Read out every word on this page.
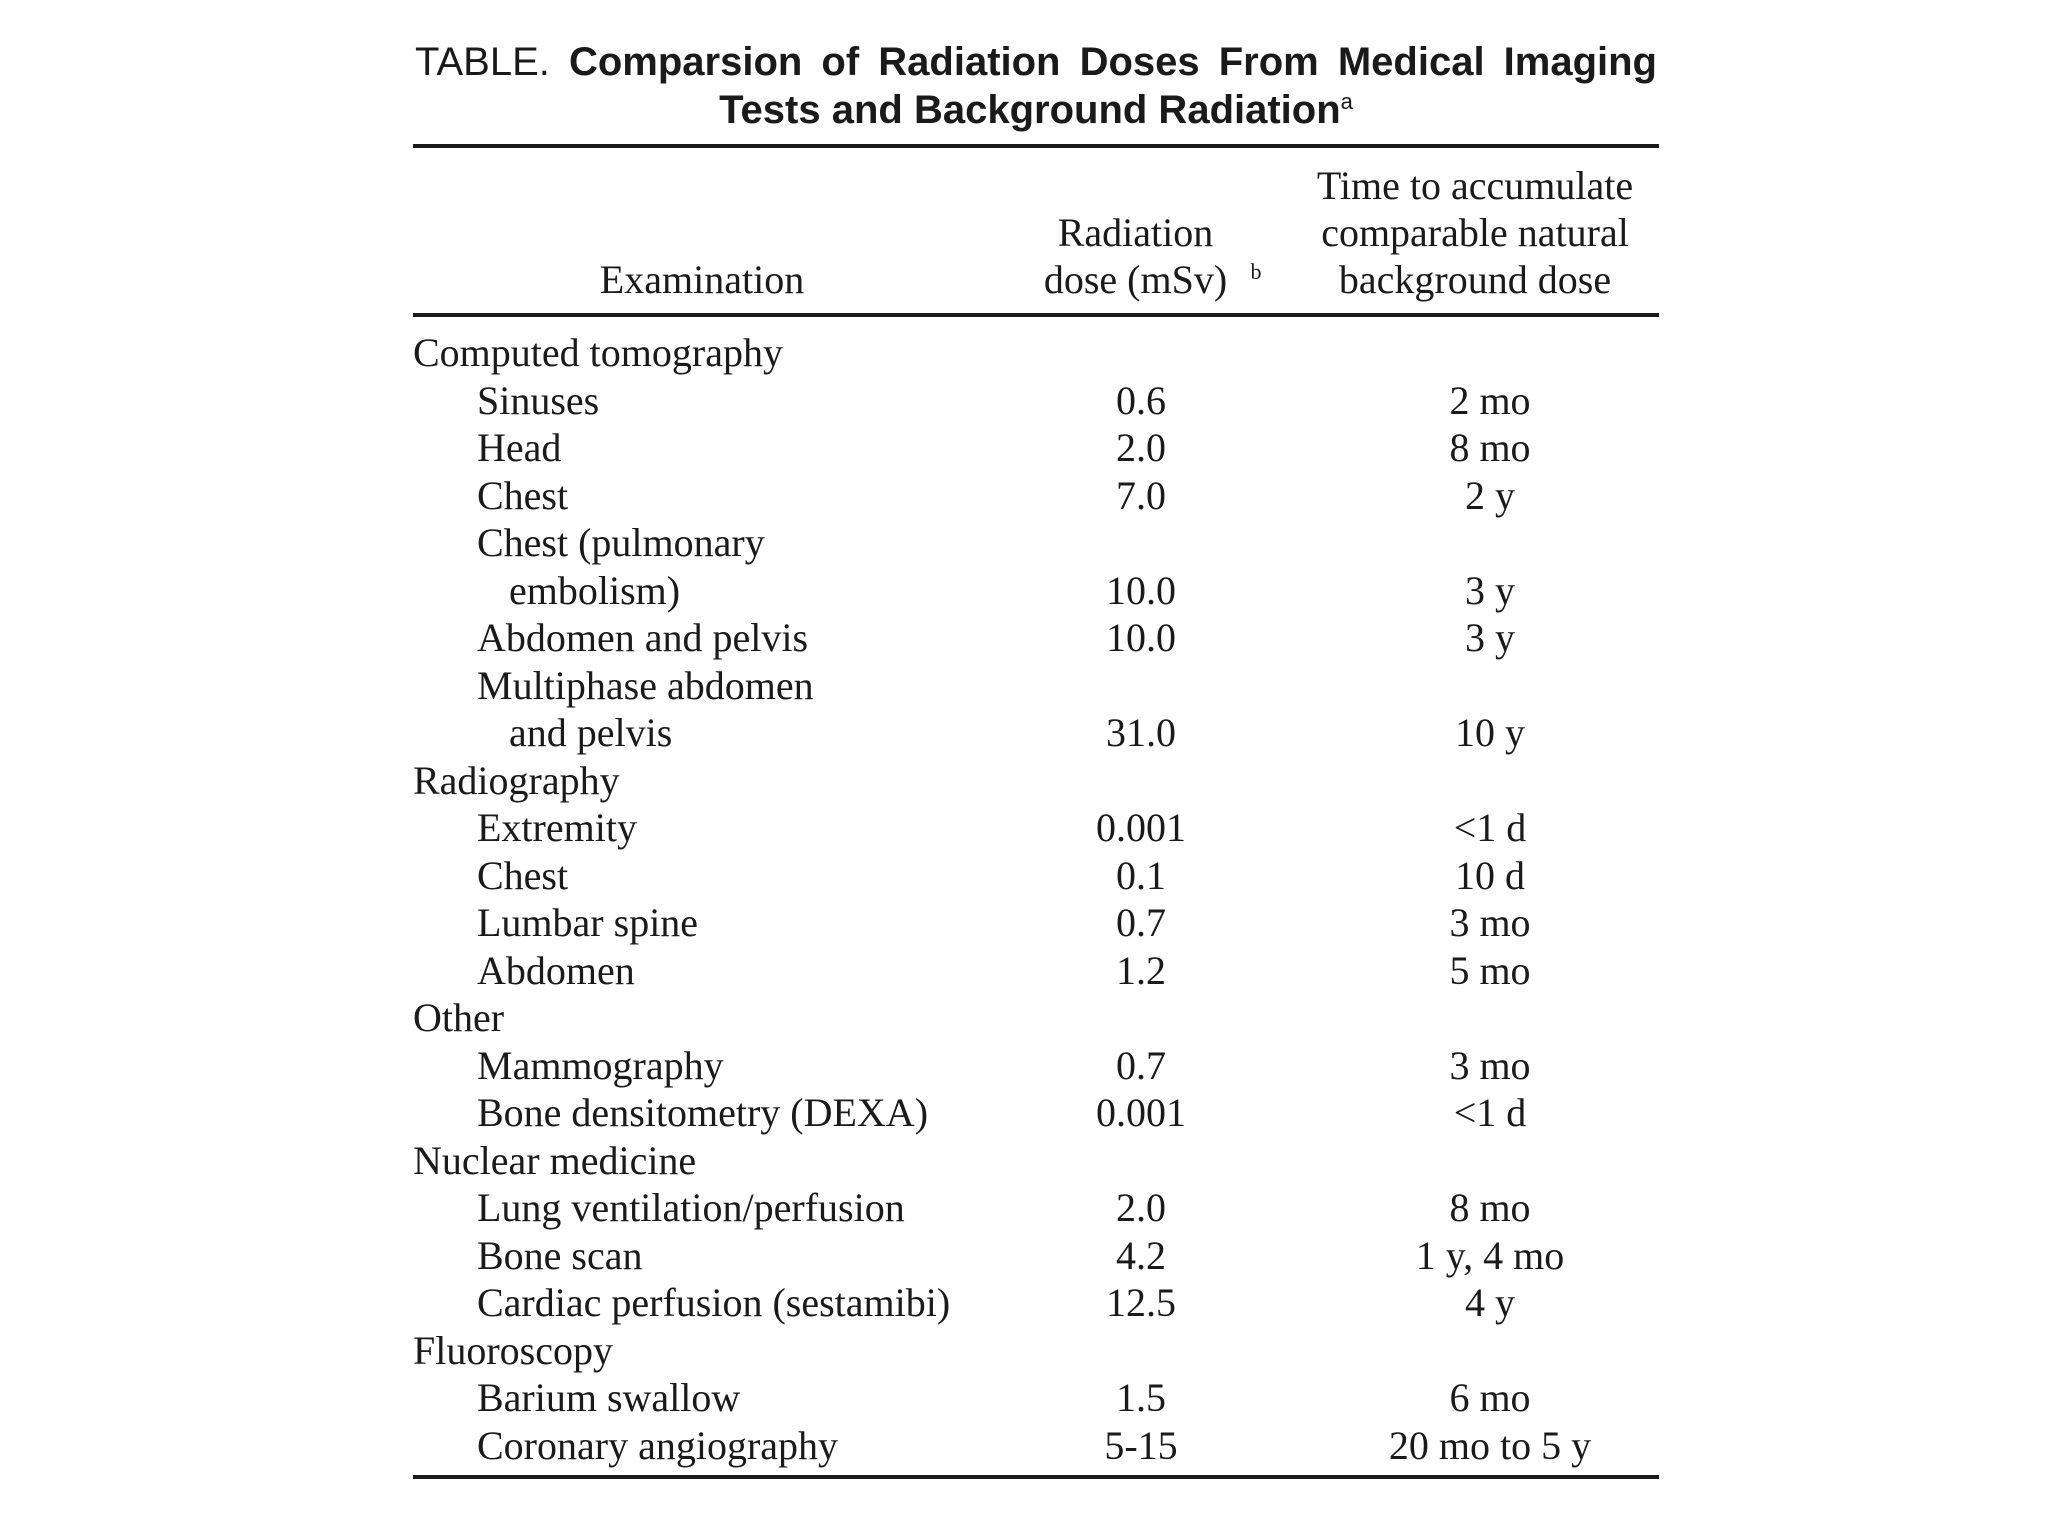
TABLE. Comparsion of Radiation Doses From Medical Imaging Tests and Background Radiation$^a$
Examination	Radiation dose (mSv) $^b$	Time to accumulate comparable natural background dose
Computed tomography		
Sinuses	0.6	2 mo
Head	2.0	8 mo
Chest	7.0	2 y
Chest (pulmonary
embolism)	10.0	3 y
Abdomen and pelvis	10.0	3 y
Multiphase abdomen
and pelvis	31.0	10 y
Radiography		
Extremity	0.001	<1 d
Chest	0.1	10 d
Lumbar spine	0.7	3 mo
Abdomen	1.2	5 mo
Other		
Mammography	0.7	3 mo
Bone densitometry (DEXA)	0.001	<1 d
Nuclear medicine		
Lung ventilation/perfusion	2.0	8 mo
Bone scan	4.2	1 y, 4 mo
Cardiac perfusion (sestamibi)	12.5	4 y
Fluoroscopy		
Barium swallow	1.5	6 mo
Coronary angiography	5-15	20 mo to 5 y
